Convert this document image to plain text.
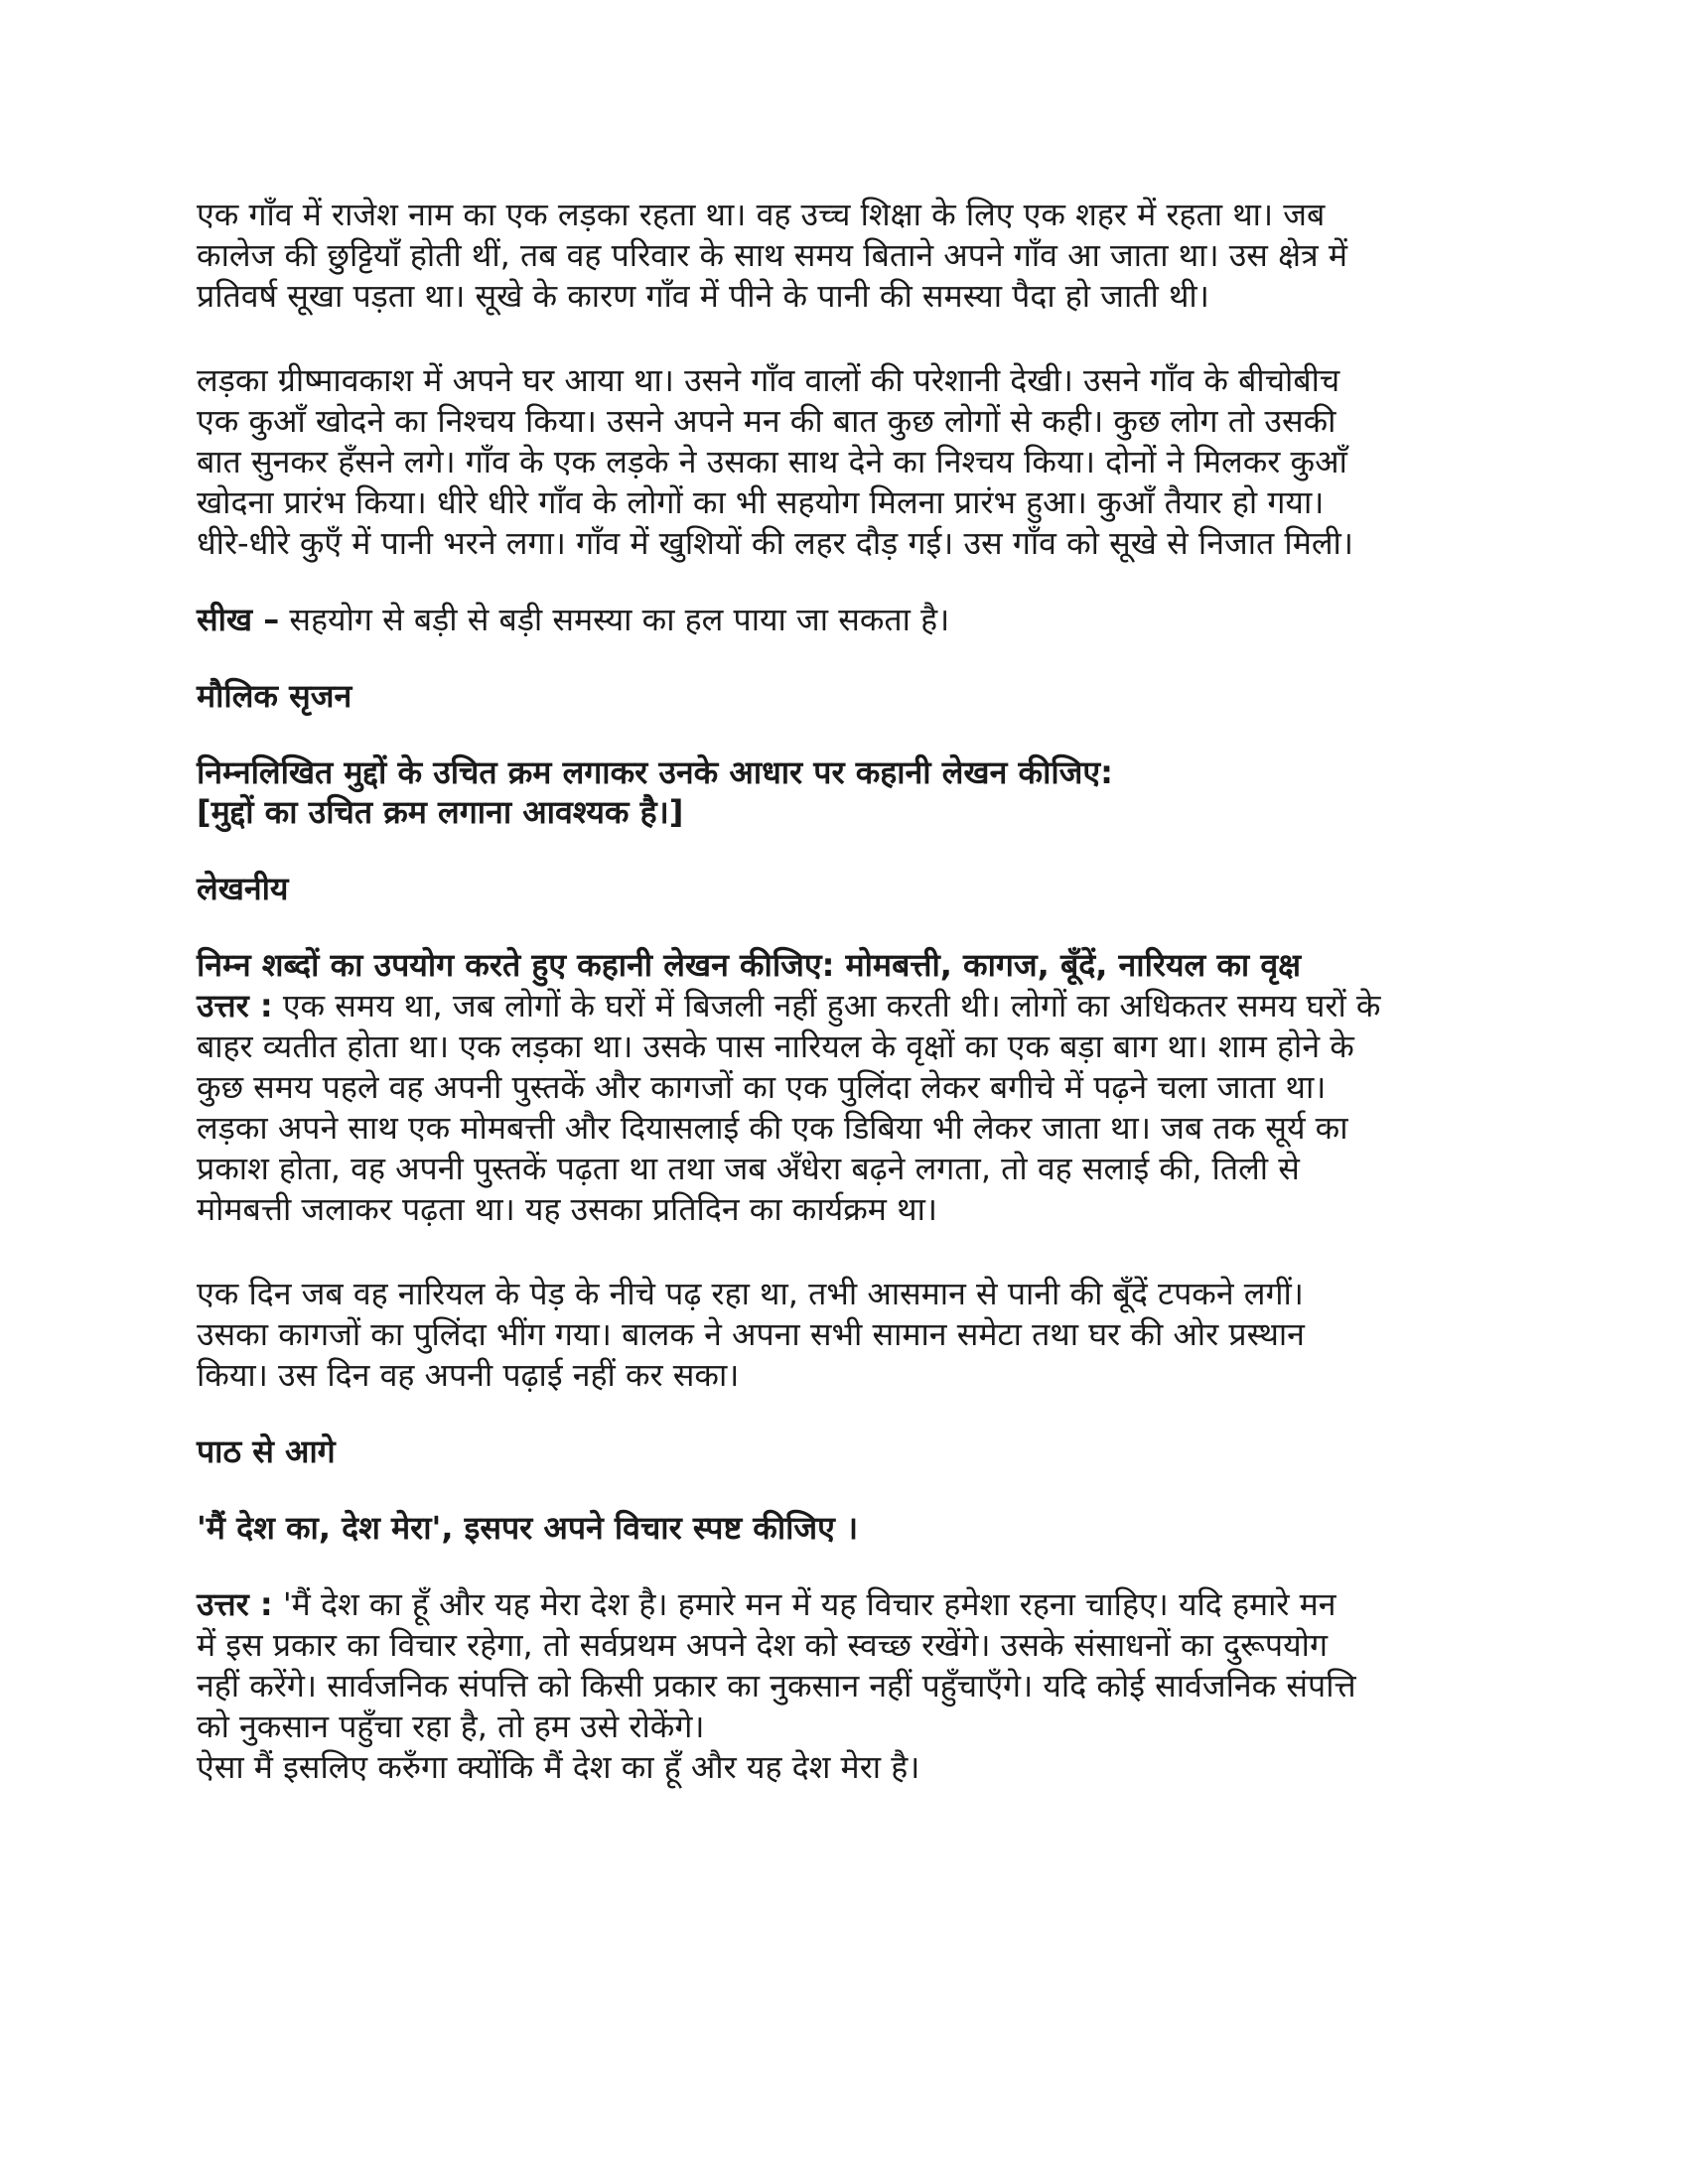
एक गाँव में राजेश नाम का एक लड़का रहता था। वह उच्च शिक्षा के लिए एक शहर में रहता था। जब
कालेज की छुट्टियाँ होती थीं, तब वह परिवार के साथ समय बिताने अपने गाँव आ जाता था। उस क्षेत्र में
प्रतिवर्ष सूखा पड़ता था। सूखे के कारण गाँव में पीने के पानी की समस्या पैदा हो जाती थी।

लड़का ग्रीष्मावकाश में अपने घर आया था। उसने गाँव वालों की परेशानी देखी। उसने गाँव के बीचोबीच
एक कुआँ खोदने का निश्चय किया। उसने अपने मन की बात कुछ लोगों से कही। कुछ लोग तो उसकी
बात सुनकर हँसने लगे। गाँव के एक लड़के ने उसका साथ देने का निश्चय किया। दोनों ने मिलकर कुआँ
खोदना प्रारंभ किया। धीरे धीरे गाँव के लोगों का भी सहयोग मिलना प्रारंभ हुआ। कुआँ तैयार हो गया।
धीरे-धीरे कुएँ में पानी भरने लगा। गाँव में खुशियों की लहर दौड़ गई। उस गाँव को सूखे से निजात मिली।

सीख – सहयोग से बड़ी से बड़ी समस्या का हल पाया जा सकता है।

मौलिक सृजन

निम्नलिखित मुद्दों के उचित क्रम लगाकर उनके आधार पर कहानी लेखन कीजिए:
[मुद्दों का उचित क्रम लगाना आवश्यक है।]

लेखनीय

निम्न शब्दों का उपयोग करते हुए कहानी लेखन कीजिए: मोमबत्ती, कागज, बूँदें, नारियल का वृक्ष

उत्तर : एक समय था, जब लोगों के घरों में बिजली नहीं हुआ करती थी। लोगों का अधिकतर समय घरों के
बाहर व्यतीत होता था। एक लड़का था। उसके पास नारियल के वृक्षों का एक बड़ा बाग था। शाम होने के
कुछ समय पहले वह अपनी पुस्तकें और कागजों का एक पुलिंदा लेकर बगीचे में पढ़ने चला जाता था।
लड़का अपने साथ एक मोमबत्ती और दियासलाई की एक डिबिया भी लेकर जाता था। जब तक सूर्य का
प्रकाश होता, वह अपनी पुस्तकें पढ़ता था तथा जब अँधेरा बढ़ने लगता, तो वह सलाई की, तिली से
मोमबत्ती जलाकर पढ़ता था। यह उसका प्रतिदिन का कार्यक्रम था।

एक दिन जब वह नारियल के पेड़ के नीचे पढ़ रहा था, तभी आसमान से पानी की बूँदें टपकने लगीं।
उसका कागजों का पुलिंदा भींग गया। बालक ने अपना सभी सामान समेटा तथा घर की ओर प्रस्थान
किया। उस दिन वह अपनी पढ़ाई नहीं कर सका।

पाठ से आगे

'मैं देश का, देश मेरा', इसपर अपने विचार स्पष्ट कीजिए ।

उत्तर : 'मैं देश का हूँ और यह मेरा देश है। हमारे मन में यह विचार हमेशा रहना चाहिए। यदि हमारे मन
में इस प्रकार का विचार रहेगा, तो सर्वप्रथम अपने देश को स्वच्छ रखेंगे। उसके संसाधनों का दुरूपयोग
नहीं करेंगे। सार्वजनिक संपत्ति को किसी प्रकार का नुकसान नहीं पहुँचाएँगे। यदि कोई सार्वजनिक संपत्ति
को नुकसान पहुँचा रहा है, तो हम उसे रोकेंगे।
ऐसा मैं इसलिए करुँगा क्योंकि मैं देश का हूँ और यह देश मेरा है।
